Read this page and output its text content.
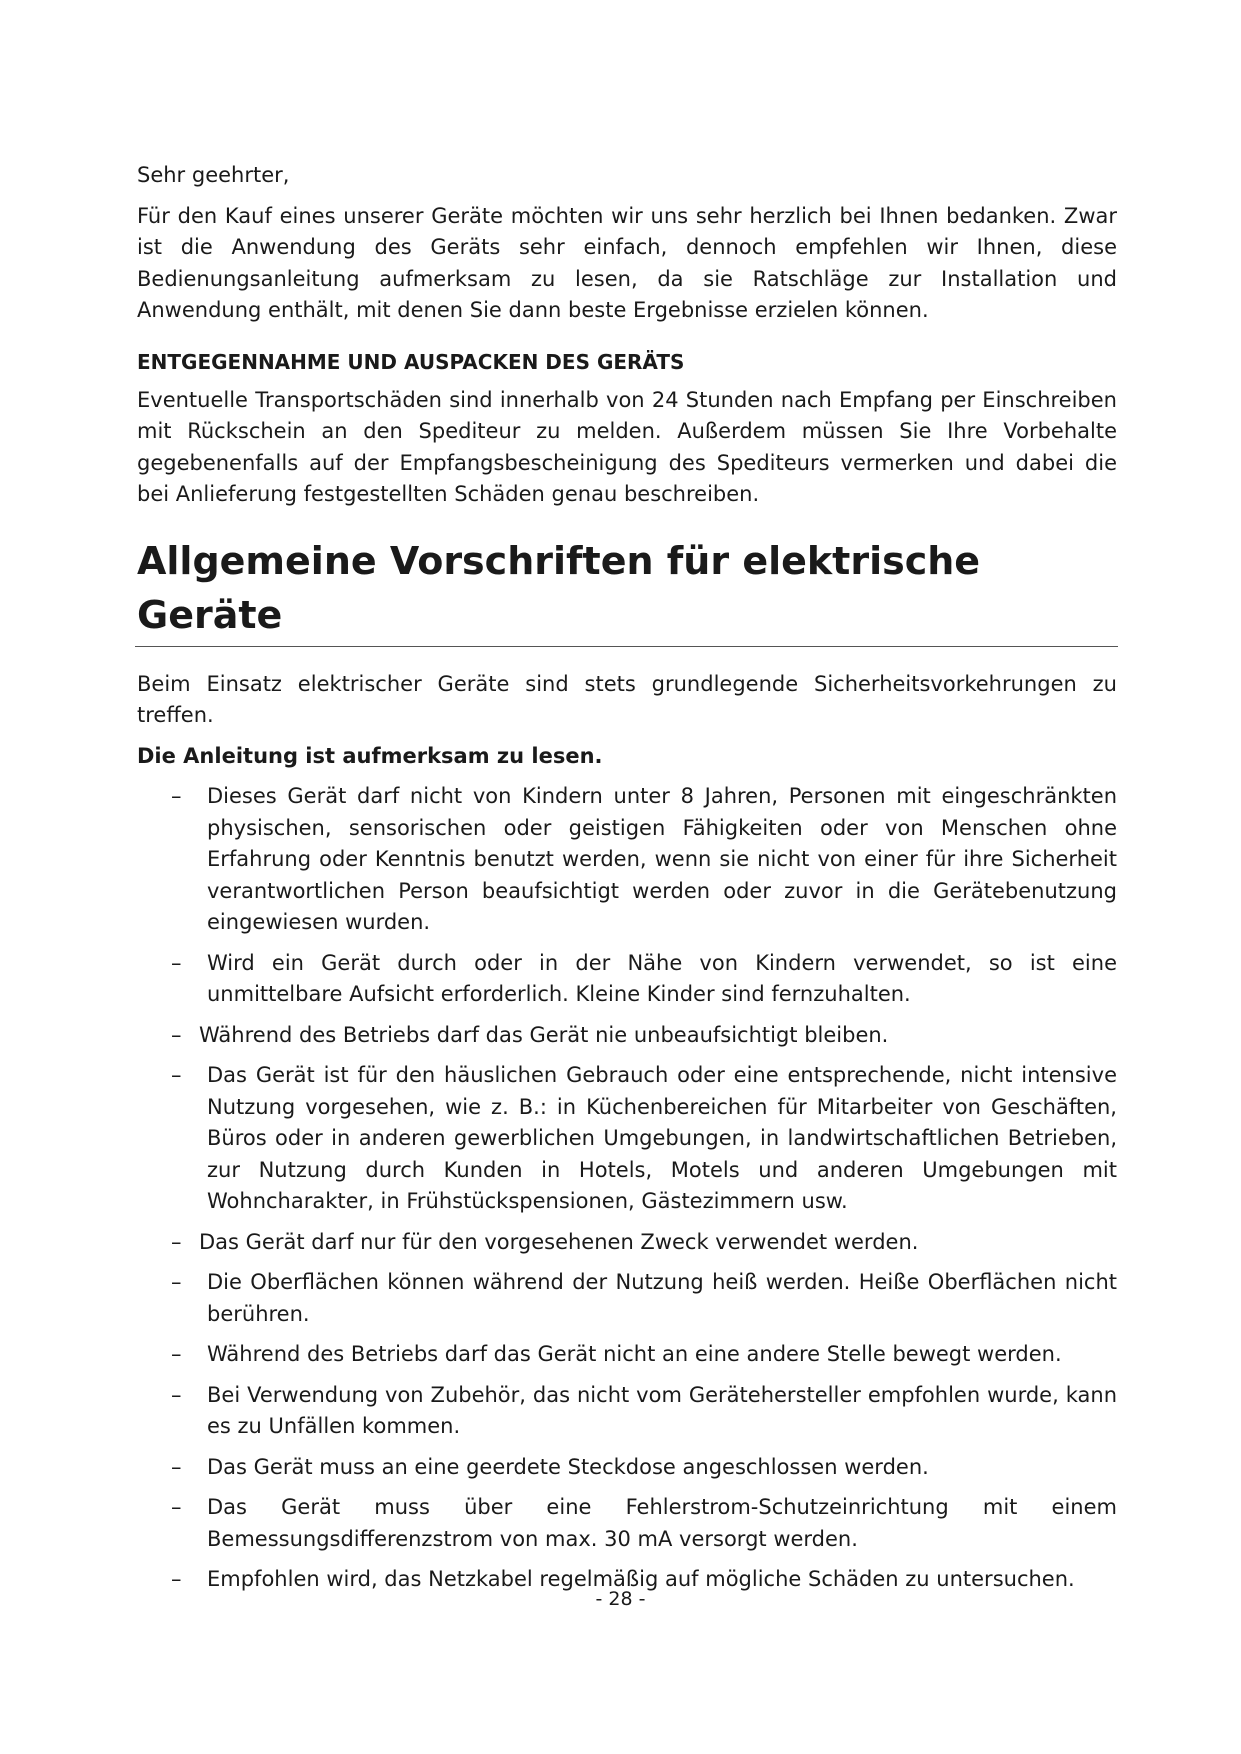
Sehr geehrter,

Für den Kauf eines unserer Geräte möchten wir uns sehr herzlich bei Ihnen bedanken. Zwar ist die Anwendung des Geräts sehr einfach, dennoch empfehlen wir Ihnen, diese Bedienungsanleitung aufmerksam zu lesen, da sie Ratschläge zur Installation und Anwendung enthält, mit denen Sie dann beste Ergebnisse erzielen können.

ENTGEGENNAHME UND AUSPACKEN DES GERÄTS

Eventuelle Transportschäden sind innerhalb von 24 Stunden nach Empfang per Einschreiben mit Rückschein an den Spediteur zu melden. Außerdem müssen Sie Ihre Vorbehalte gegebenenfalls auf der Empfangsbescheinigung des Spediteurs vermerken und dabei die bei Anlieferung festgestellten Schäden genau beschreiben.

Allgemeine Vorschriften für elektrische Geräte

Beim Einsatz elektrischer Geräte sind stets grundlegende Sicherheitsvorkehrungen zu treffen.

Die Anleitung ist aufmerksam zu lesen.

– Dieses Gerät darf nicht von Kindern unter 8 Jahren, Personen mit eingeschränkten physischen, sensorischen oder geistigen Fähigkeiten oder von Menschen ohne Erfahrung oder Kenntnis benutzt werden, wenn sie nicht von einer für ihre Sicherheit verantwortlichen Person beaufsichtigt werden oder zuvor in die Gerätebenutzung eingewiesen wurden.
– Wird ein Gerät durch oder in der Nähe von Kindern verwendet, so ist eine unmittelbare Aufsicht erforderlich. Kleine Kinder sind fernzuhalten.
– Während des Betriebs darf das Gerät nie unbeaufsichtigt bleiben.
– Das Gerät ist für den häuslichen Gebrauch oder eine entsprechende, nicht intensive Nutzung vorgesehen, wie z. B.: in Küchenbereichen für Mitarbeiter von Geschäften, Büros oder in anderen gewerblichen Umgebungen, in landwirtschaftlichen Betrieben, zur Nutzung durch Kunden in Hotels, Motels und anderen Umgebungen mit Wohncharakter, in Frühstückspensionen, Gästezimmern usw.
– Das Gerät darf nur für den vorgesehenen Zweck verwendet werden.
– Die Oberflächen können während der Nutzung heiß werden. Heiße Oberflächen nicht berühren.
– Während des Betriebs darf das Gerät nicht an eine andere Stelle bewegt werden.
– Bei Verwendung von Zubehör, das nicht vom Gerätehersteller empfohlen wurde, kann es zu Unfällen kommen.
– Das Gerät muss an eine geerdete Steckdose angeschlossen werden.
– Das Gerät muss über eine Fehlerstrom-Schutzeinrichtung mit einem Bemessungsdifferenzstrom von max. 30 mA versorgt werden.
– Empfohlen wird, das Netzkabel regelmäßig auf mögliche Schäden zu untersuchen.
- 28 -
